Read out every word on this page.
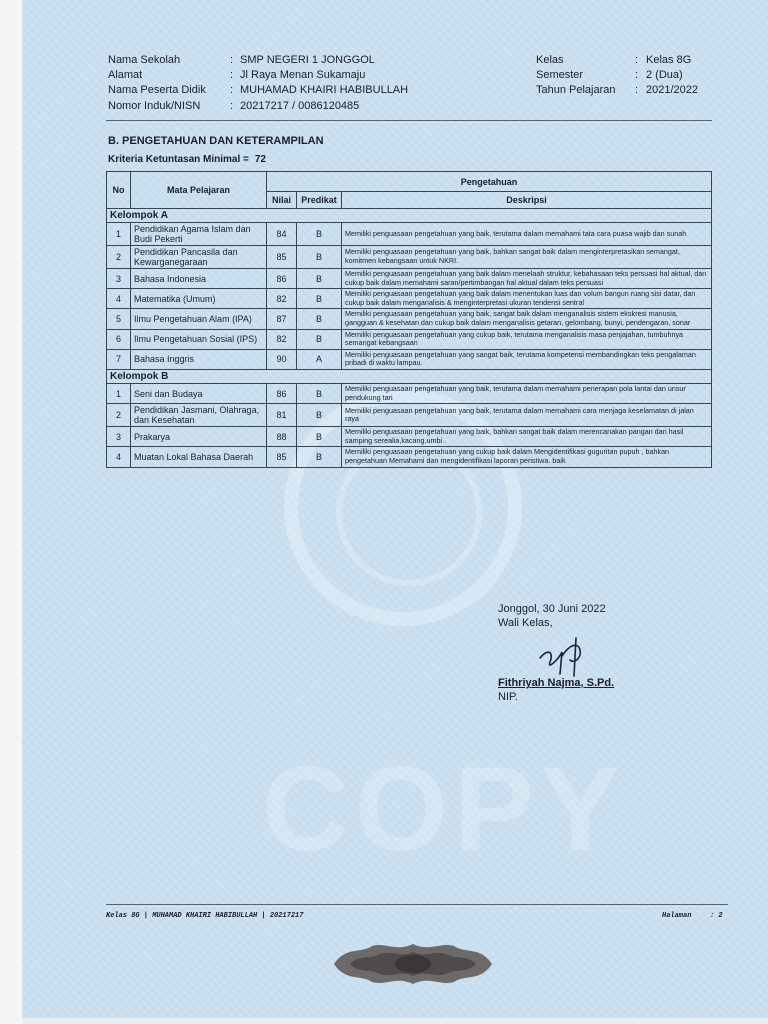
COPY
Nama Sekolah	: SMP NEGERI 1 JONGGOL
Alamat	: Jl Raya Menan Sukamaju
Nama Peserta Didik : MUHAMAD KHAIRI HABIBULLAH
Nomor Induk/NISN	: 20217217 / 0086120485
Kelas	: Kelas 8G
Semester	: 2 (Dua)
Tahun Pelajaran : 2021/2022
B. PENGETAHUAN DAN KETERAMPILAN
Kriteria Ketuntasan Minimal = 72
No	Mata Pelajaran	Pengetahuan		
		Nilai	Predikat	Deskripsi
Kelompok A				
1	Pendidikan Agama Islam dan Budi Pekerti	84	B	Memiliki penguasaan pengetahuan yang baik, terutama dalam memahami tata cara puasa wajib dan sunah
2	Pendidikan Pancasila dan Kewarganegaraan	85	B	Memiliki penguasaan pengetahuan yang baik, bahkan sangat baik dalam menginterpretasikan semangat, komitmen kebangsaan untuk NKRI.
3	Bahasa Indonesia	86	B	Memiliki penguasaan pengetahuan yang baik dalam menelaah struktur, kebahasaan teks persuasi hal aktual, dan cukup baik dalam memahami saran/pertimbangan hal aktual dalam teks persuasi
4	Matematika (Umum)	82	B	Memiliki penguasaan pengetahuan yang baik dalam menentukan luas dan volum bangun ruang sisi datar, dan cukup baik dalam menganalisis & menginterpretasi ukuran tendensi sentral
5	Ilmu Pengetahuan Alam (IPA)	87	B	Memiliki penguasaan pengetahuan yang baik, sangat baik dalam menganalisis sistem ekskresi manusia, gangguan & kesehatan dan cukup baik dalam menganalisis getaran, gelombang, bunyi, pendengaran, sonar
6	Ilmu Pengetahuan Sosial (IPS)	82	B	Memiliki penguasaan pengetahuan yang cukup baik, terutama menganalisis masa penjajahan, tumbuhnya semangat kebangsaan
7	Bahasa Inggris	90	A	Memiliki penguasaan pengetahuan yang sangat baik, terutama kompetensi membandingkan teks pengalaman pribadi di waktu lampau.
Kelompok B				
1	Seni dan Budaya	86	B	Memiliki penguasaan pengetahuan yang baik, terutama dalam memahami penerapan pola lantai dan unsur pendukung tari
2	Pendidikan Jasmani, Olahraga, dan Kesehatan	81	B	Memiliki penguasaan pengetahuan yang baik, terutama dalam memahami cara menjaga keselamatan di jalan raya
3	Prakarya	88	B	Memiliki penguasaan pengetahuan yang baik, bahkan sangat baik dalam merencanakan pangan dari hasil samping serealia,kacang,umbi .
4	Muatan Lokal Bahasa Daerah	85	B	Memiliki penguasaan pengetahuan yang cukup baik dalam Mengidentifikasi guguritan pupuh , bahkan pengetahuan Memahami dan mengidentifikasi laporan peristiwa. baik
Jonggol, 30 Juni 2022
Wali Kelas,
Fithriyah Najma, S.Pd.
NIP.
Kelas 8G | MUHAMAD KHAIRI HABIBULLAH | 20217217	Halaman	: 2
